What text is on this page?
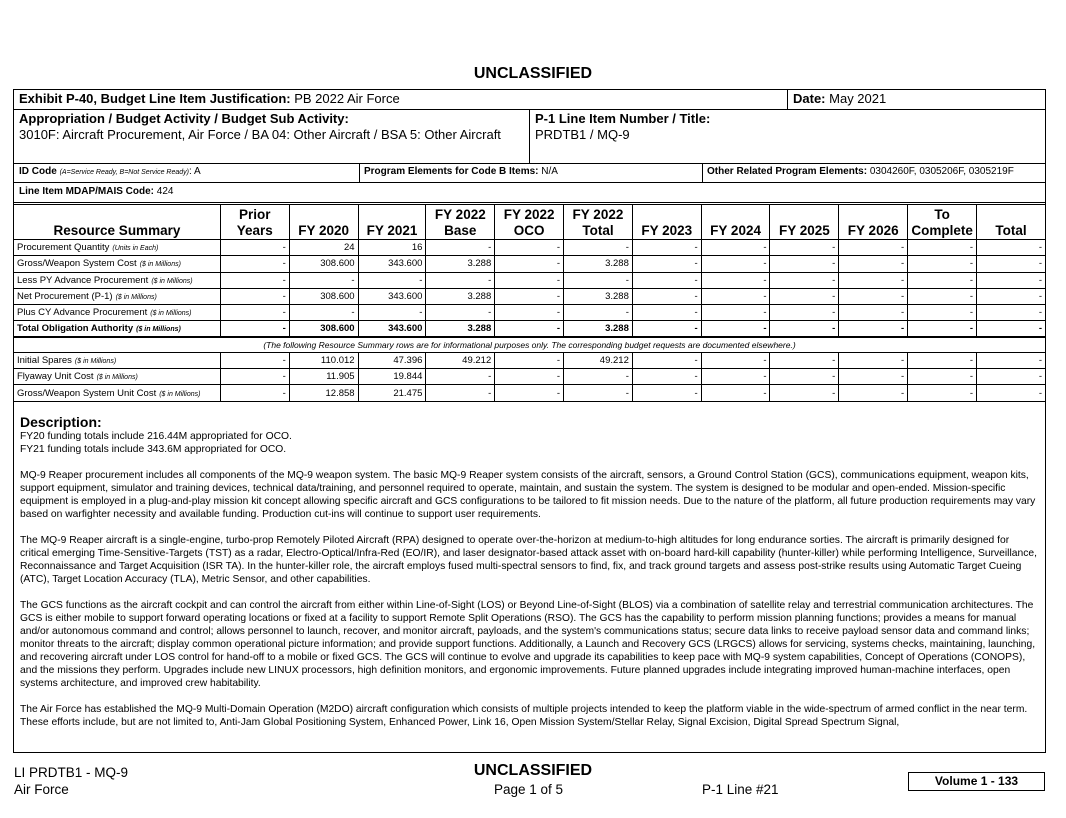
UNCLASSIFIED
Exhibit P-40, Budget Line Item Justification: PB 2022 Air Force	Date: May 2021
Appropriation / Budget Activity / Budget Sub Activity:
3010F: Aircraft Procurement, Air Force / BA 04: Other Aircraft / BSA 5: Other Aircraft
P-1 Line Item Number / Title:
PRDTB1 / MQ-9
ID Code (A=Service Ready, B=Not Service Ready): A	Program Elements for Code B Items: N/A	Other Related Program Elements: 0304260F, 0305206F, 0305219F
Line Item MDAP/MAIS Code: 424
Resource Summary	Prior Years	FY 2020	FY 2021	FY 2022 Base	FY 2022 OCO	FY 2022 Total	FY 2023	FY 2024	FY 2025	FY 2026	To Complete	Total
Procurement Quantity (Units in Each)	-	24	16	-	-	-	-	-	-	-	-	-
Gross/Weapon System Cost ($ in Millions)	-	308.600	343.600	3.288	-	3.288	-	-	-	-	-	-
Less PY Advance Procurement ($ in Millions)	-	-	-	-	-	-	-	-	-	-	-	-
Net Procurement (P-1) ($ in Millions)	-	308.600	343.600	3.288	-	3.288	-	-	-	-	-	-
Plus CY Advance Procurement ($ in Millions)	-	-	-	-	-	-	-	-	-	-	-	-
Total Obligation Authority ($ in Millions)	-	308.600	343.600	3.288	-	3.288	-	-	-	-	-	-
(The following Resource Summary rows are for informational purposes only. The corresponding budget requests are documented elsewhere.)												
Initial Spares ($ in Millions)	-	110.012	47.396	49.212	-	49.212	-	-	-	-	-	-
Flyaway Unit Cost ($ in Millions)	-	11.905	19.844	-	-	-	-	-	-	-	-	-
Gross/Weapon System Unit Cost ($ in Millions)	-	12.858	21.475	-	-	-	-	-	-	-	-	-
Description:

FY20 funding totals include 216.44M appropriated for OCO.
FY21 funding totals include 343.6M appropriated for OCO.

MQ-9 Reaper procurement includes all components of the MQ-9 weapon system. The basic MQ-9 Reaper system consists of the aircraft, sensors, a Ground Control Station (GCS), communications equipment, weapon kits, support equipment, simulator and training devices, technical data/training, and personnel required to operate, maintain, and sustain the system. The system is designed to be modular and open-ended. Mission-specific equipment is employed in a plug-and-play mission kit concept allowing specific aircraft and GCS configurations to be tailored to fit mission needs. Due to the nature of the platform, all future production requirements may vary based on warfighter necessity and available funding. Production cut-ins will continue to support user requirements.

The MQ-9 Reaper aircraft is a single-engine, turbo-prop Remotely Piloted Aircraft (RPA) designed to operate over-the-horizon at medium-to-high altitudes for long endurance sorties. The aircraft is primarily designed for critical emerging Time-Sensitive-Targets (TST) as a radar, Electro-Optical/Infra-Red (EO/IR), and laser designator-based attack asset with on-board hard-kill capability (hunter-killer) while performing Intelligence, Surveillance, Reconnaissance and Target Acquisition (ISR TA). In the hunter-killer role, the aircraft employs fused multi-spectral sensors to find, fix, and track ground targets and assess post-strike results using Automatic Target Cueing (ATC), Target Location Accuracy (TLA), Metric Sensor, and other capabilities.

The GCS functions as the aircraft cockpit and can control the aircraft from either within Line-of-Sight (LOS) or Beyond Line-of-Sight (BLOS) via a combination of satellite relay and terrestrial communication architectures. The GCS is either mobile to support forward operating locations or fixed at a facility to support Remote Split Operations (RSO). The GCS has the capability to perform mission planning functions; provides a means for manual and/or autonomous command and control; allows personnel to launch, recover, and monitor aircraft, payloads, and the system's communications status; secure data links to receive payload sensor data and command links; monitor threats to the aircraft; display common operational picture information; and provide support functions. Additionally, a Launch and Recovery GCS (LRGCS) allows for servicing, systems checks, maintaining, launching, and recovering aircraft under LOS control for hand-off to a mobile or fixed GCS. The GCS will continue to evolve and upgrade its capabilities to keep pace with MQ-9 system capabilities, Concept of Operations (CONOPS), and the missions they perform. Upgrades include new LINUX processors, high definition monitors, and ergonomic improvements. Future planned upgrades include integrating improved human-machine interfaces, open systems architecture, and improved crew habitability.

The Air Force has established the MQ-9 Multi-Domain Operation (M2DO) aircraft configuration which consists of multiple projects intended to keep the platform viable in the wide-spectrum of armed conflict in the near term. These efforts include, but are not limited to, Anti-Jam Global Positioning System, Enhanced Power, Link 16, Open Mission System/Stellar Relay, Signal Excision, Digital Spread Spectrum Signal,

UNCLASSIFIED
LI PRDTB1 - MQ-9
Air Force	Page 1 of 5	P-1 Line #21
Volume 1 - 133
